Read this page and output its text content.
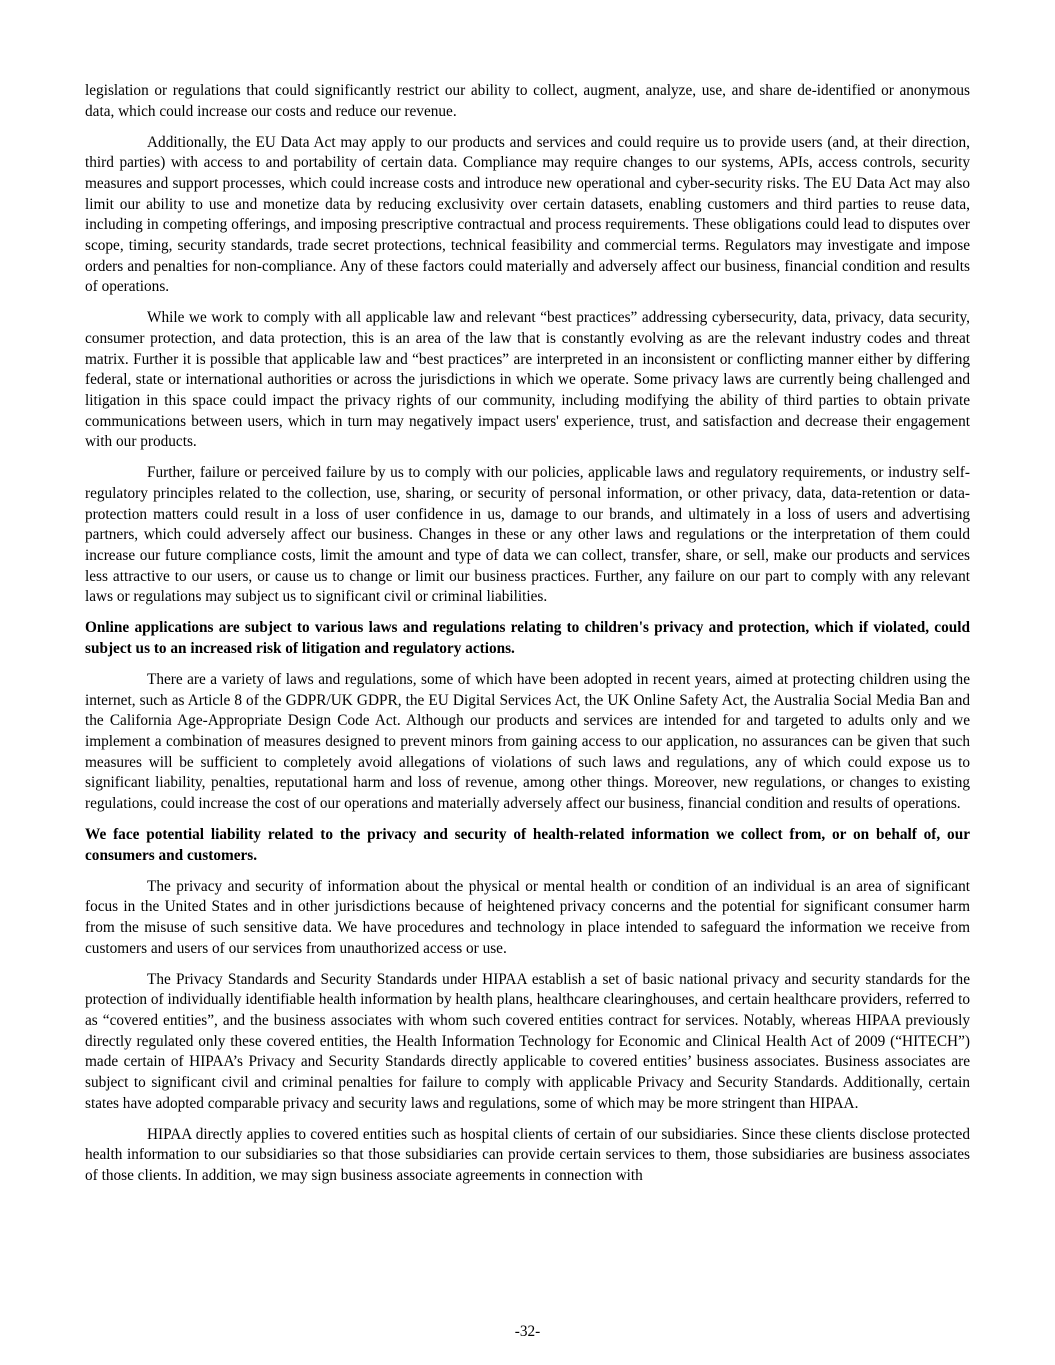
legislation or regulations that could significantly restrict our ability to collect, augment, analyze, use, and share de-identified or anonymous data, which could increase our costs and reduce our revenue.

Additionally, the EU Data Act may apply to our products and services and could require us to provide users (and, at their direction, third parties) with access to and portability of certain data. Compliance may require changes to our systems, APIs, access controls, security measures and support processes, which could increase costs and introduce new operational and cyber-security risks. The EU Data Act may also limit our ability to use and monetize data by reducing exclusivity over certain datasets, enabling customers and third parties to reuse data, including in competing offerings, and imposing prescriptive contractual and process requirements. These obligations could lead to disputes over scope, timing, security standards, trade secret protections, technical feasibility and commercial terms. Regulators may investigate and impose orders and penalties for non-compliance. Any of these factors could materially and adversely affect our business, financial condition and results of operations.

While we work to comply with all applicable law and relevant “best practices” addressing cybersecurity, data, privacy, data security, consumer protection, and data protection, this is an area of the law that is constantly evolving as are the relevant industry codes and threat matrix. Further it is possible that applicable law and “best practices” are interpreted in an inconsistent or conflicting manner either by differing federal, state or international authorities or across the jurisdictions in which we operate. Some privacy laws are currently being challenged and litigation in this space could impact the privacy rights of our community, including modifying the ability of third parties to obtain private communications between users, which in turn may negatively impact users' experience, trust, and satisfaction and decrease their engagement with our products.

Further, failure or perceived failure by us to comply with our policies, applicable laws and regulatory requirements, or industry self-regulatory principles related to the collection, use, sharing, or security of personal information, or other privacy, data, data-retention or data- protection matters could result in a loss of user confidence in us, damage to our brands, and ultimately in a loss of users and advertising partners, which could adversely affect our business. Changes in these or any other laws and regulations or the interpretation of them could increase our future compliance costs, limit the amount and type of data we can collect, transfer, share, or sell, make our products and services less attractive to our users, or cause us to change or limit our business practices. Further, any failure on our part to comply with any relevant laws or regulations may subject us to significant civil or criminal liabilities.

Online applications are subject to various laws and regulations relating to children's privacy and protection, which if violated, could subject us to an increased risk of litigation and regulatory actions.

There are a variety of laws and regulations, some of which have been adopted in recent years, aimed at protecting children using the internet, such as Article 8 of the GDPR/UK GDPR, the EU Digital Services Act, the UK Online Safety Act, the Australia Social Media Ban and the California Age-Appropriate Design Code Act. Although our products and services are intended for and targeted to adults only and we implement a combination of measures designed to prevent minors from gaining access to our application, no assurances can be given that such measures will be sufficient to completely avoid allegations of violations of such laws and regulations, any of which could expose us to significant liability, penalties, reputational harm and loss of revenue, among other things. Moreover, new regulations, or changes to existing regulations, could increase the cost of our operations and materially adversely affect our business, financial condition and results of operations.

We face potential liability related to the privacy and security of health-related information we collect from, or on behalf of, our consumers and customers.

The privacy and security of information about the physical or mental health or condition of an individual is an area of significant focus in the United States and in other jurisdictions because of heightened privacy concerns and the potential for significant consumer harm from the misuse of such sensitive data. We have procedures and technology in place intended to safeguard the information we receive from customers and users of our services from unauthorized access or use.

The Privacy Standards and Security Standards under HIPAA establish a set of basic national privacy and security standards for the protection of individually identifiable health information by health plans, healthcare clearinghouses, and certain healthcare providers, referred to as “covered entities”, and the business associates with whom such covered entities contract for services. Notably, whereas HIPAA previously directly regulated only these covered entities, the Health Information Technology for Economic and Clinical Health Act of 2009 (“HITECH”) made certain of HIPAA’s Privacy and Security Standards directly applicable to covered entities’ business associates. Business associates are subject to significant civil and criminal penalties for failure to comply with applicable Privacy and Security Standards. Additionally, certain states have adopted comparable privacy and security laws and regulations, some of which may be more stringent than HIPAA.

HIPAA directly applies to covered entities such as hospital clients of certain of our subsidiaries. Since these clients disclose protected health information to our subsidiaries so that those subsidiaries can provide certain services to them, those subsidiaries are business associates of those clients. In addition, we may sign business associate agreements in connection with

-32-
